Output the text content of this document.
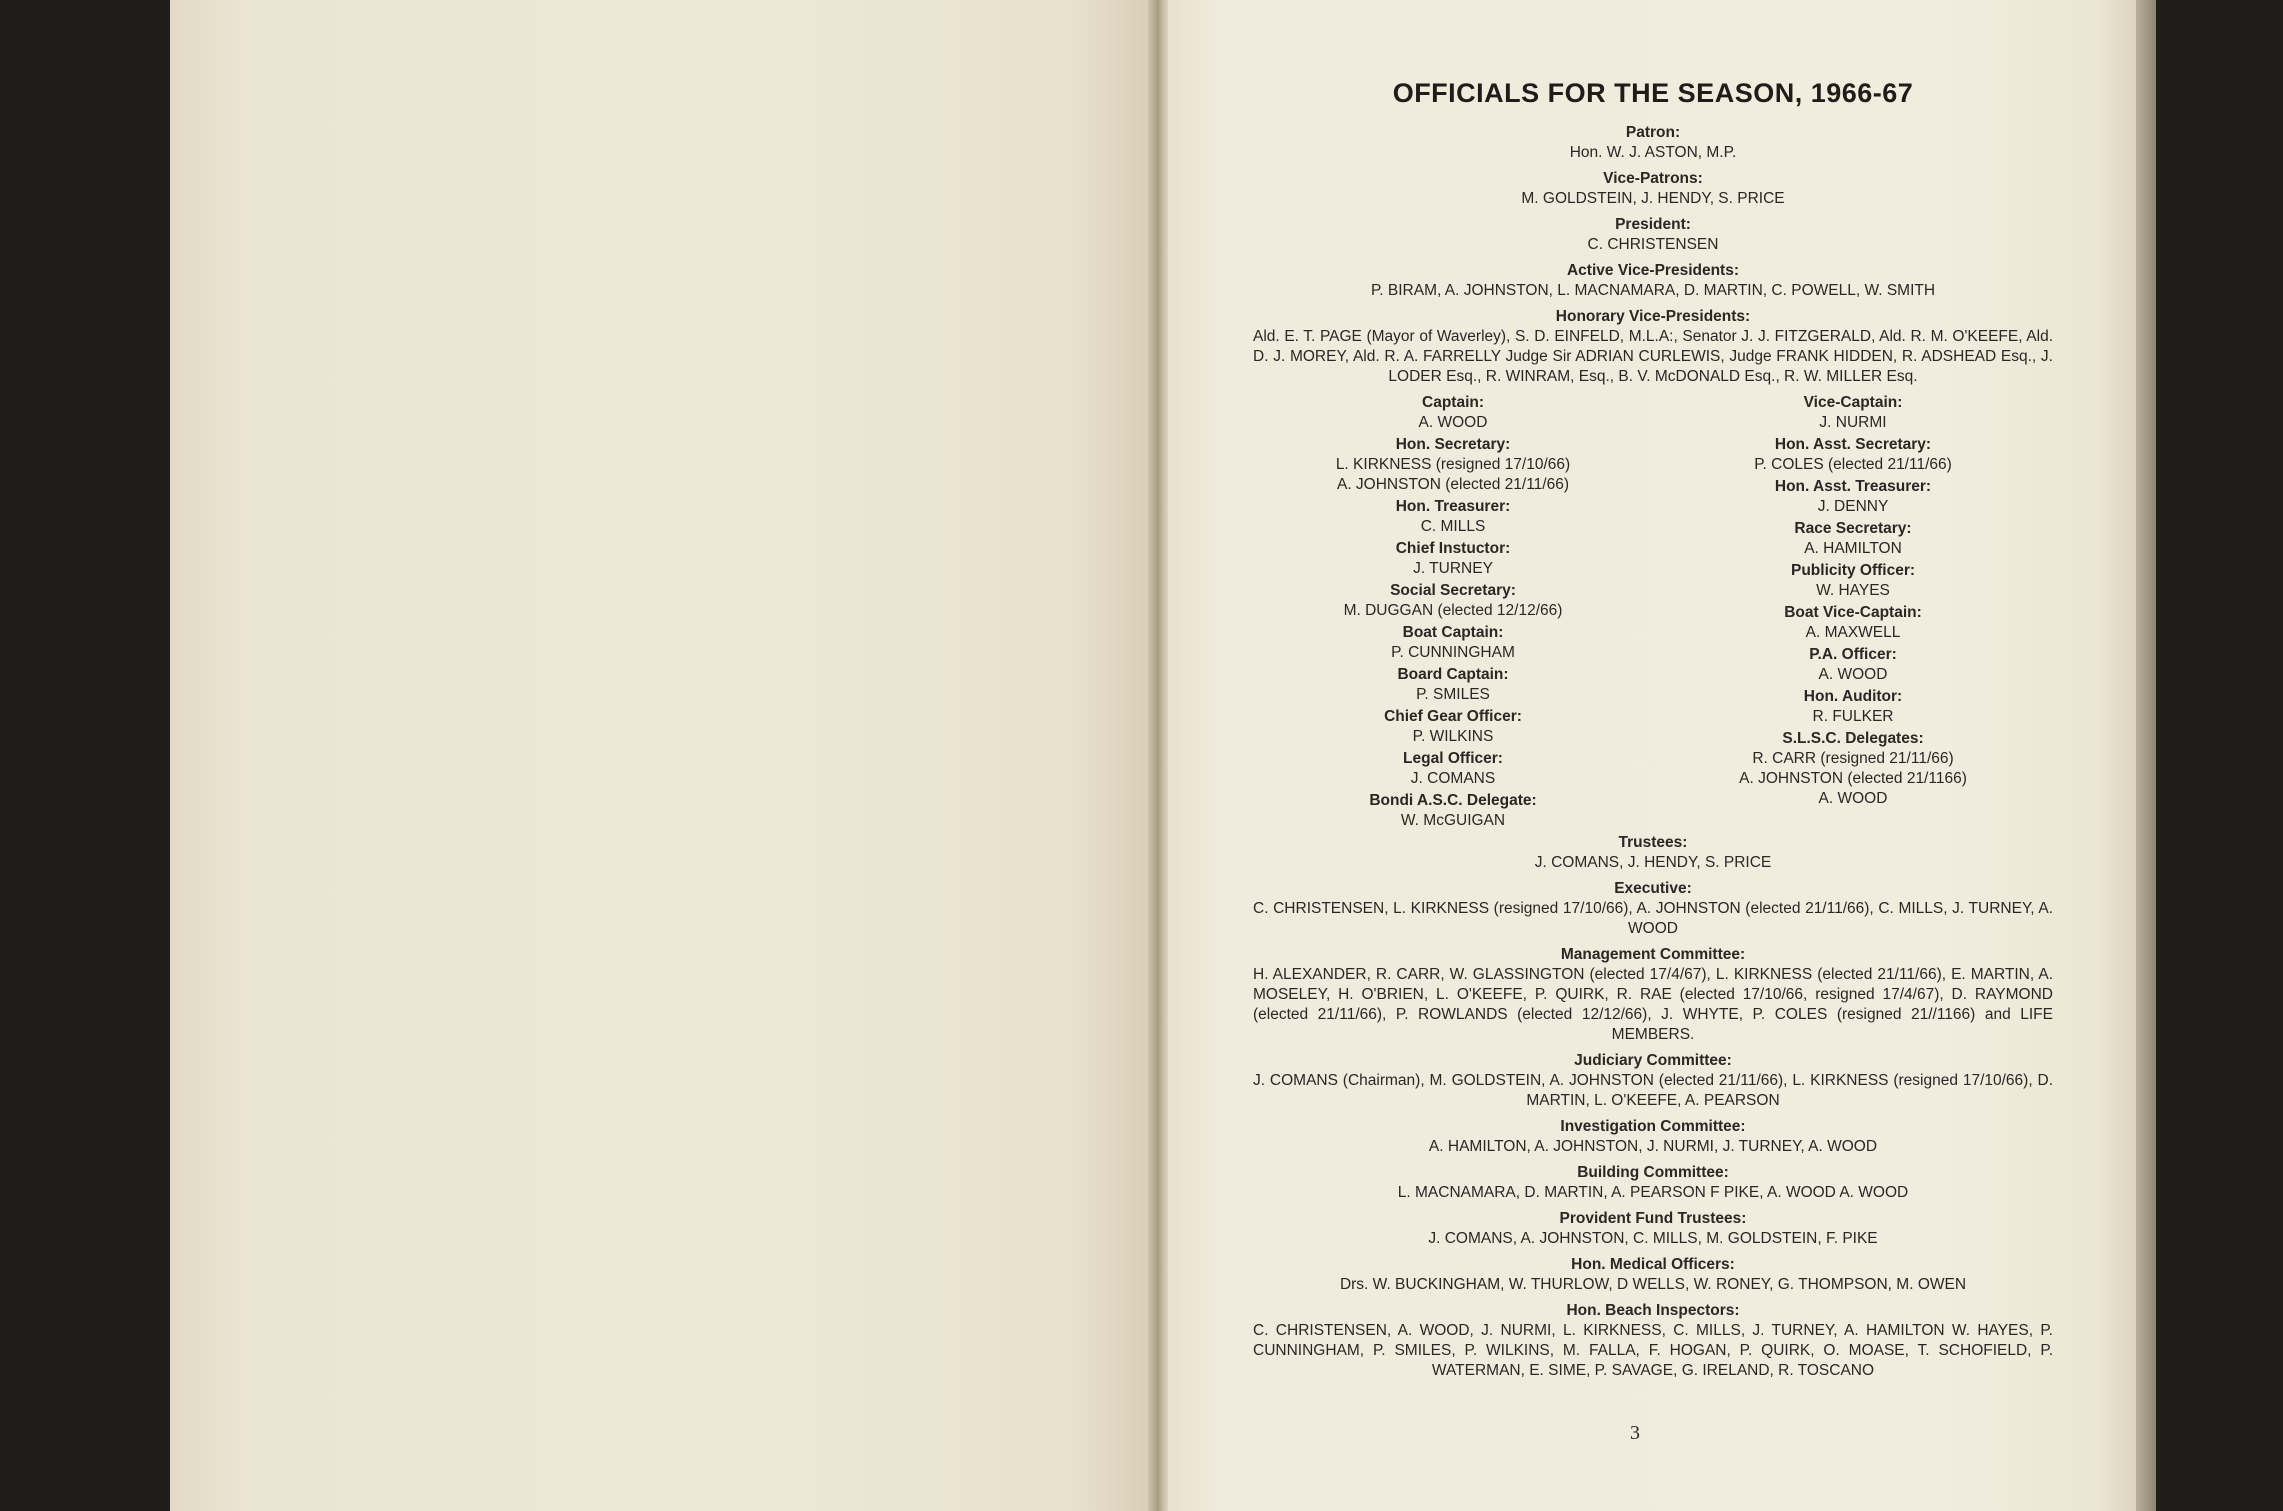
OFFICIALS FOR THE SEASON, 1966-67
Patron:
Hon. W. J. ASTON, M.P.
Vice-Patrons:
M. GOLDSTEIN, J. HENDY, S. PRICE
President:
C. CHRISTENSEN
Active Vice-Presidents:
P. BIRAM, A. JOHNSTON, L. MACNAMARA, D. MARTIN, C. POWELL, W. SMITH
Honorary Vice-Presidents:
Ald. E. T. PAGE (Mayor of Waverley), S. D. EINFELD, M.L.A:, Senator J. J. FITZGERALD, Ald. R. M. O'KEEFE, Ald. D. J. MOREY, Ald. R. A. FARRELLY Judge Sir ADRIAN CURLEWIS, Judge FRANK HIDDEN, R. ADSHEAD Esq., J. LODER Esq., R. WINRAM, Esq., B. V. McDONALD Esq., R. W. MILLER Esq.
Captain:
A. WOOD
Hon. Secretary:
L. KIRKNESS (resigned 17/10/66)
A. JOHNSTON (elected 21/11/66)
Hon. Treasurer:
C. MILLS
Chief Instuctor:
J. TURNEY
Social Secretary:
M. DUGGAN (elected 12/12/66)
Boat Captain:
P. CUNNINGHAM
Board Captain:
P. SMILES
Chief Gear Officer:
P. WILKINS
Legal Officer:
J. COMANS
Bondi A.S.C. Delegate:
W. McGUIGAN
Vice-Captain:
J. NURMI
Hon. Asst. Secretary:
P. COLES (elected 21/11/66)
Hon. Asst. Treasurer:
J. DENNY
Race Secretary:
A. HAMILTON
Publicity Officer:
W. HAYES
Boat Vice-Captain:
A. MAXWELL
P.A. Officer:
A. WOOD
Hon. Auditor:
R. FULKER
S.L.S.C. Delegates:
R. CARR (resigned 21/11/66)
A. JOHNSTON (elected 21/1166)
A. WOOD
Trustees:
J. COMANS, J. HENDY, S. PRICE
Executive:
C. CHRISTENSEN, L. KIRKNESS (resigned 17/10/66), A. JOHNSTON (elected 21/11/66), C. MILLS, J. TURNEY, A. WOOD
Management Committee:
H. ALEXANDER, R. CARR, W. GLASSINGTON (elected 17/4/67), L. KIRKNESS (elected 21/11/66), E. MARTIN, A. MOSELEY, H. O'BRIEN, L. O'KEEFE, P. QUIRK, R. RAE (elected 17/10/66, resigned 17/4/67), D. RAYMOND (elected 21/11/66), P. ROWLANDS (elected 12/12/66), J. WHYTE, P. COLES (resigned 21//1166) and LIFE MEMBERS.
Judiciary Committee:
J. COMANS (Chairman), M. GOLDSTEIN, A. JOHNSTON (elected 21/11/66), L. KIRKNESS (resigned 17/10/66), D. MARTIN, L. O'KEEFE, A. PEARSON
Investigation Committee:
A. HAMILTON, A. JOHNSTON, J. NURMI, J. TURNEY, A. WOOD
Building Committee:
L. MACNAMARA, D. MARTIN, A. PEARSON F PIKE, A. WOOD A. WOOD
Provident Fund Trustees:
J. COMANS, A. JOHNSTON, C. MILLS, M. GOLDSTEIN, F. PIKE
Hon. Medical Officers:
Drs. W. BUCKINGHAM, W. THURLOW, D WELLS, W. RONEY, G. THOMPSON, M. OWEN
Hon. Beach Inspectors:
C. CHRISTENSEN, A. WOOD, J. NURMI, L. KIRKNESS, C. MILLS, J. TURNEY, A. HAMILTON W. HAYES, P. CUNNINGHAM, P. SMILES, P. WILKINS, M. FALLA, F. HOGAN, P. QUIRK, O. MOASE, T. SCHOFIELD, P. WATERMAN, E. SIME, P. SAVAGE, G. IRELAND, R. TOSCANO
3
